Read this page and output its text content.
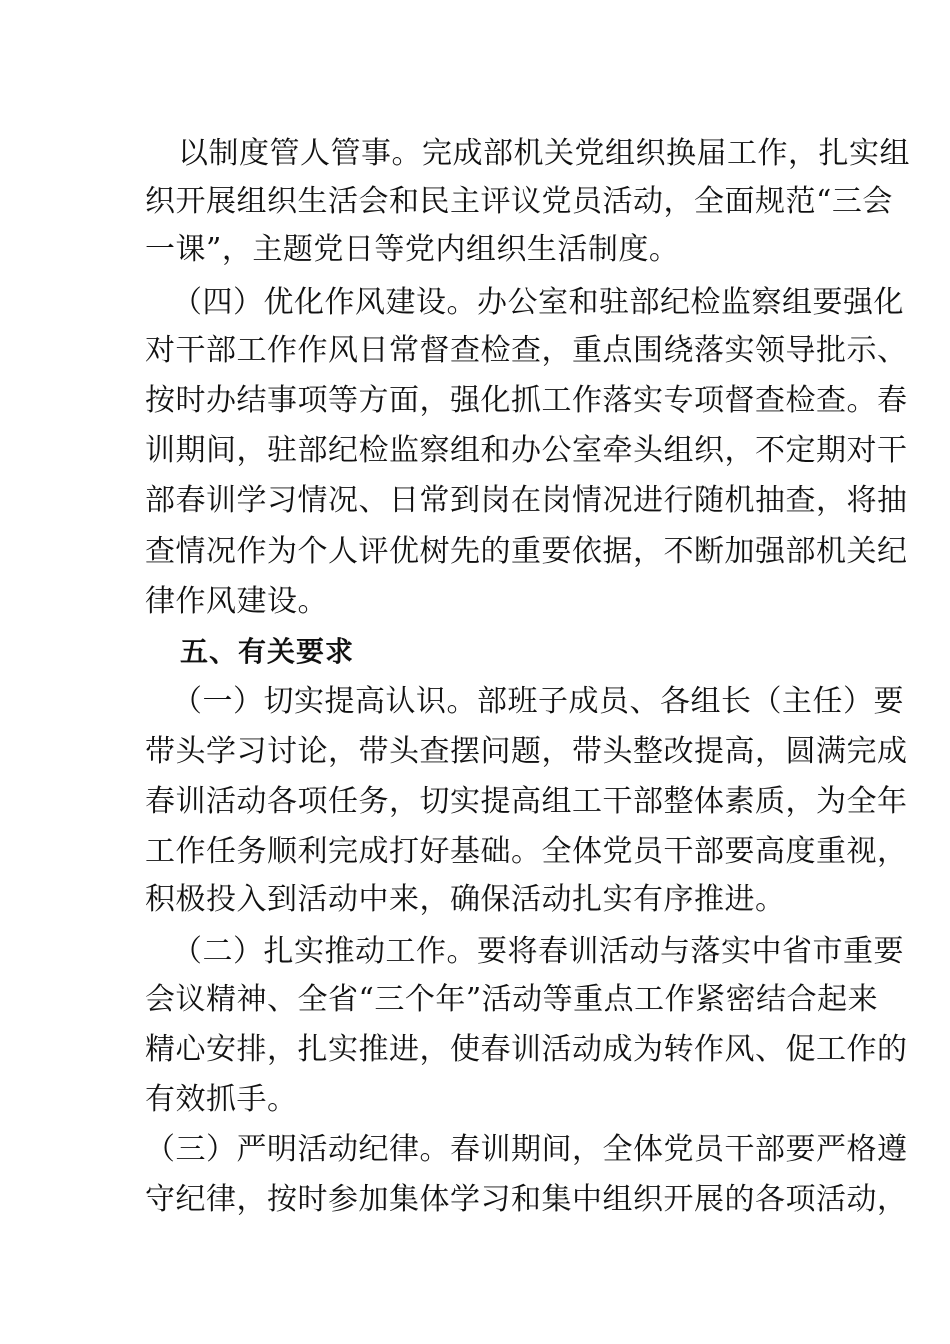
以制度管人管事。完成部机关党组织换届工作，扎实组

织开展组织生活会和民主评议党员活动，全面规范“三会

一课”，主题党日等党内组织生活制度。

（四）优化作风建设。办公室和驻部纪检监察组要强化

对干部工作作风日常督查检查，重点围绕落实领导批示、

按时办结事项等方面，强化抓工作落实专项督查检查。春

训期间，驻部纪检监察组和办公室牵头组织，不定期对干

部春训学习情况、日常到岗在岗情况进行随机抽查，将抽

查情况作为个人评优树先的重要依据，不断加强部机关纪

律作风建设。

五、有关要求

（一）切实提高认识。部班子成员、各组长（主任）要

带头学习讨论，带头查摆问题，带头整改提高，圆满完成

春训活动各项任务，切实提高组工干部整体素质，为全年

工作任务顺利完成打好基础。全体党员干部要高度重视，

积极投入到活动中来，确保活动扎实有序推进。

（二）扎实推动工作。要将春训活动与落实中省市重要

会议精神、全省“三个年”活动等重点工作紧密结合起来

精心安排，扎实推进，使春训活动成为转作风、促工作的

有效抓手。

（三）严明活动纪律。春训期间，全体党员干部要严格遵

守纪律，按时参加集体学习和集中组织开展的各项活动，
